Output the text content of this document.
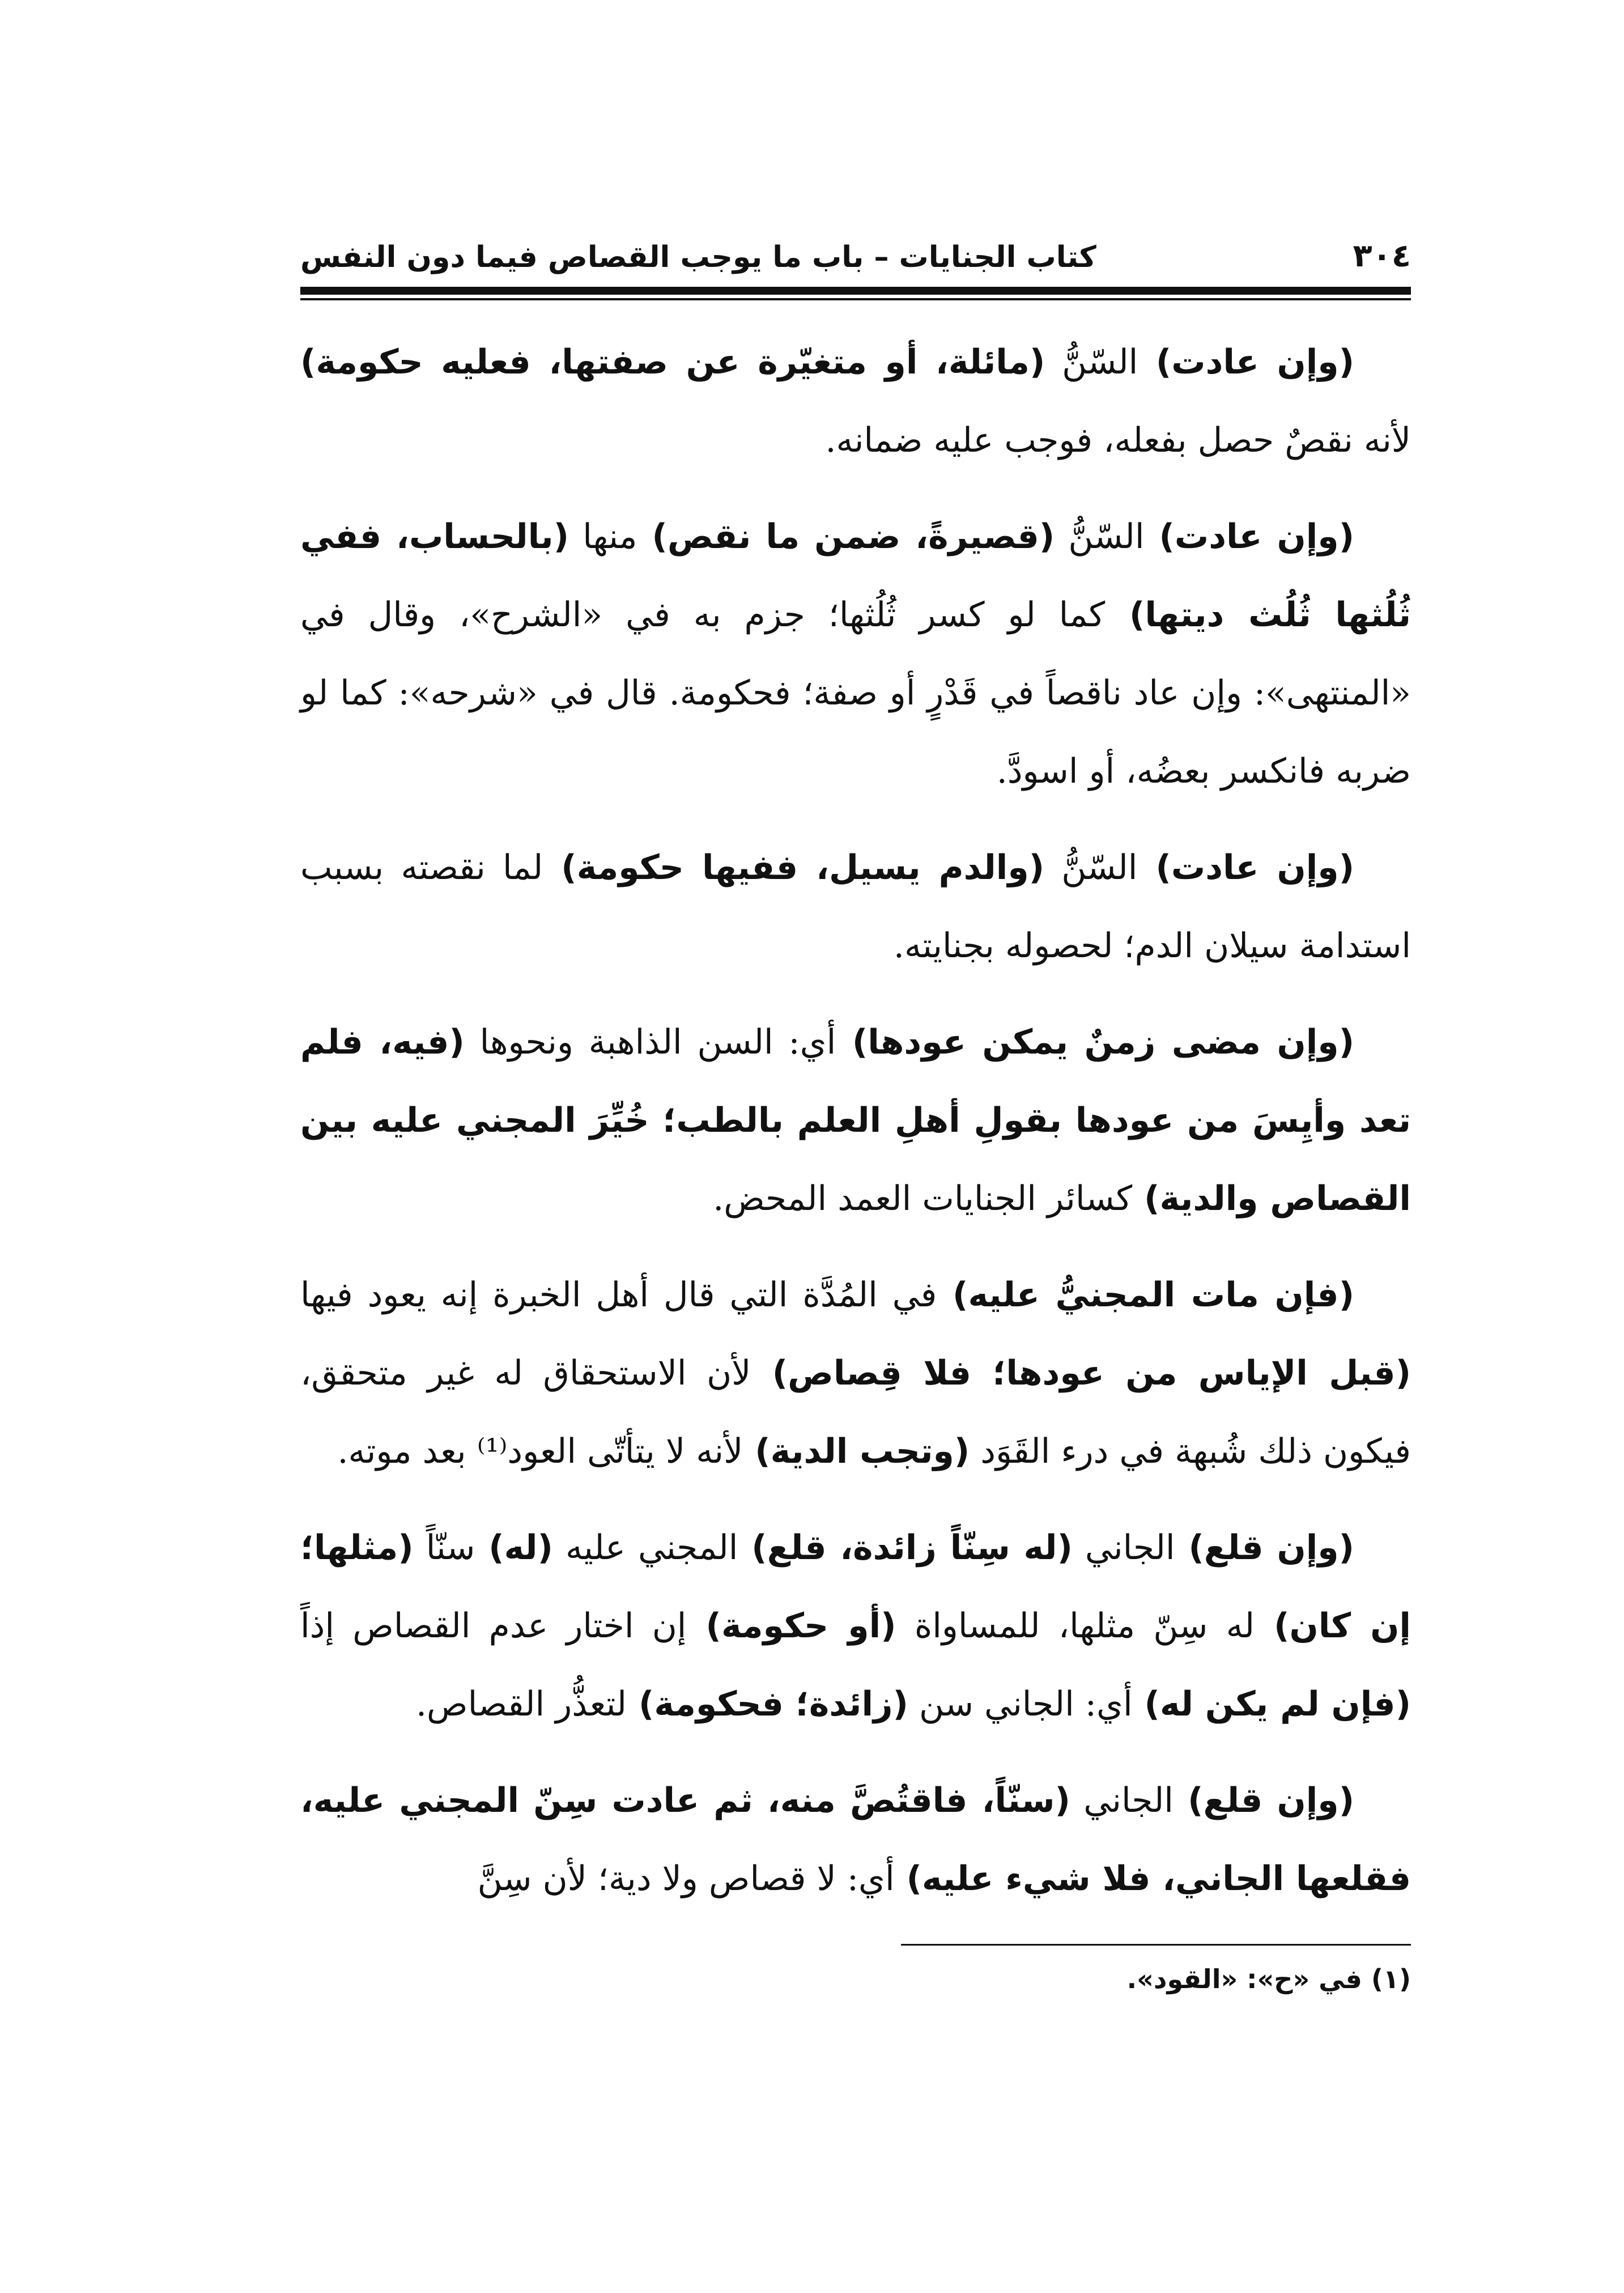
٣٠٤
كتاب الجنايات – باب ما يوجب القصاص فيما دون النفس

(وإن عادت) السّنُّ (مائلة، أو متغيّرة عن صفتها، فعليه حكومة) لأنه نقصٌ حصل بفعله، فوجب عليه ضمانه.

(وإن عادت) السّنُّ (قصيرةً، ضمن ما نقص) منها (بالحساب، ففي ثُلُثها ثُلُث ديتها) كما لو كسر ثُلُثها؛ جزم به في «الشرح»، وقال في «المنتهى»: وإن عاد ناقصاً في قَدْرٍ أو صفة؛ فحكومة. قال في «شرحه»: كما لو ضربه فانكسر بعضُه، أو اسودَّ.

(وإن عادت) السّنُّ (والدم يسيل، ففيها حكومة) لما نقصته بسبب استدامة سيلان الدم؛ لحصوله بجنايته.

(وإن مضى زمنٌ يمكن عودها) أي: السن الذاهبة ونحوها (فيه، فلم تعد وأيِسَ من عودها بقولِ أهلِ العلم بالطب؛ خُيِّرَ المجني عليه بين القصاص والدية) كسائر الجنايات العمد المحض.

(فإن مات المجنيُّ عليه) في المُدَّة التي قال أهل الخبرة إنه يعود فيها (قبل الإياس من عودها؛ فلا قِصاص) لأن الاستحقاق له غير متحقق، فيكون ذلك شُبهة في درء القَوَد (وتجب الدية) لأنه لا يتأتّى العود⁽¹⁾ بعد موته.

(وإن قلع) الجاني (له سِنّاً زائدة، قلع) المجني عليه (له) سنّاً (مثلها؛ إن كان) له سِنّ مثلها، للمساواة (أو حكومة) إن اختار عدم القصاص إذاً (فإن لم يكن له) أي: الجاني سن (زائدة؛ فحكومة) لتعذُّر القصاص.

(وإن قلع) الجاني (سنّاً، فاقتُصَّ منه، ثم عادت سِنّ المجني عليه، فقلعها الجاني، فلا شيء عليه) أي: لا قصاص ولا دية؛ لأن سِنَّ

(١) في «ح»: «القود».
